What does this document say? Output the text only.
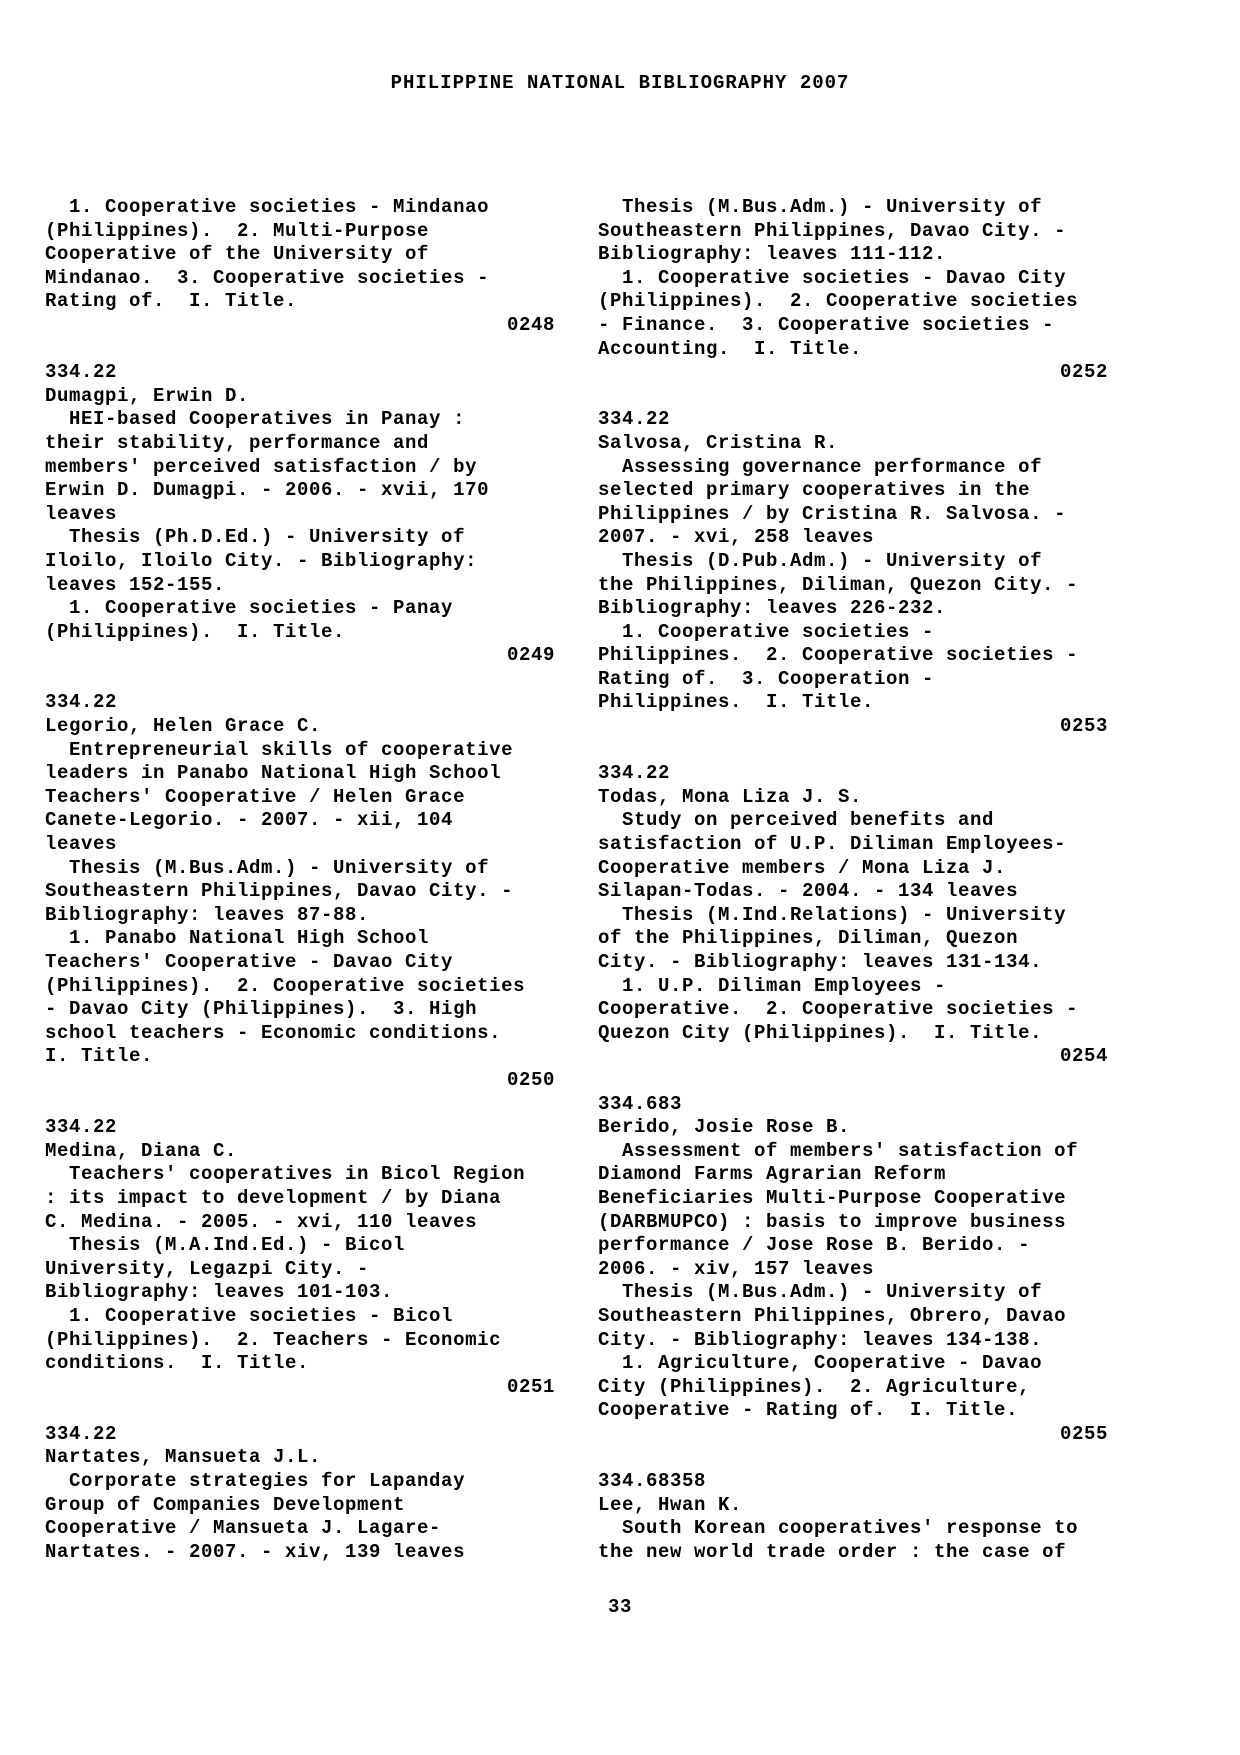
PHILIPPINE NATIONAL BIBLIOGRAPHY 2007
1. Cooperative societies - Mindanao
(Philippines).  2. Multi-Purpose
Cooperative of the University of
Mindanao.  3. Cooperative societies -
Rating of.  I. Title.
0248
334.22
Dumagpi, Erwin D.
HEI-based Cooperatives in Panay :
their stability, performance and
members' perceived satisfaction / by
Erwin D. Dumagpi. - 2006. - xvii, 170
leaves
Thesis (Ph.D.Ed.) - University of
Iloilo, Iloilo City. - Bibliography:
leaves 152-155.
1. Cooperative societies - Panay
(Philippines).  I. Title.
0249
334.22
Legorio, Helen Grace C.
Entrepreneurial skills of cooperative
leaders in Panabo National High School
Teachers' Cooperative / Helen Grace
Canete-Legorio. - 2007. - xii, 104
leaves
Thesis (M.Bus.Adm.) - University of
Southeastern Philippines, Davao City. -
Bibliography: leaves 87-88.
1. Panabo National High School
Teachers' Cooperative - Davao City
(Philippines).  2. Cooperative societies
- Davao City (Philippines).  3. High
school teachers - Economic conditions.
I. Title.
0250
334.22
Medina, Diana C.
Teachers' cooperatives in Bicol Region
: its impact to development / by Diana
C. Medina. - 2005. - xvi, 110 leaves
Thesis (M.A.Ind.Ed.) - Bicol
University, Legazpi City. -
Bibliography: leaves 101-103.
1. Cooperative societies - Bicol
(Philippines).  2. Teachers - Economic
conditions.  I. Title.
0251
334.22
Nartates, Mansueta J.L.
Corporate strategies for Lapanday
Group of Companies Development
Cooperative / Mansueta J. Lagare-
Nartates. - 2007. - xiv, 139 leaves
Thesis (M.Bus.Adm.) - University of
Southeastern Philippines, Davao City. -
Bibliography: leaves 111-112.
1. Cooperative societies - Davao City
(Philippines).  2. Cooperative societies
- Finance.  3. Cooperative societies -
Accounting.  I. Title.
0252
334.22
Salvosa, Cristina R.
Assessing governance performance of
selected primary cooperatives in the
Philippines / by Cristina R. Salvosa. -
2007. - xvi, 258 leaves
Thesis (D.Pub.Adm.) - University of
the Philippines, Diliman, Quezon City. -
Bibliography: leaves 226-232.
1. Cooperative societies -
Philippines.  2. Cooperative societies -
Rating of.  3. Cooperation -
Philippines.  I. Title.
0253
334.22
Todas, Mona Liza J. S.
Study on perceived benefits and
satisfaction of U.P. Diliman Employees-
Cooperative members / Mona Liza J.
Silapan-Todas. - 2004. - 134 leaves
Thesis (M.Ind.Relations) - University
of the Philippines, Diliman, Quezon
City. - Bibliography: leaves 131-134.
1. U.P. Diliman Employees -
Cooperative.  2. Cooperative societies -
Quezon City (Philippines).  I. Title.
0254
334.683
Berido, Josie Rose B.
Assessment of members' satisfaction of
Diamond Farms Agrarian Reform
Beneficiaries Multi-Purpose Cooperative
(DARBMUPCO) : basis to improve business
performance / Jose Rose B. Berido. -
2006. - xiv, 157 leaves
Thesis (M.Bus.Adm.) - University of
Southeastern Philippines, Obrero, Davao
City. - Bibliography: leaves 134-138.
1. Agriculture, Cooperative - Davao
City (Philippines).  2. Agriculture,
Cooperative - Rating of.  I. Title.
0255
334.68358
Lee, Hwan K.
South Korean cooperatives' response to
the new world trade order : the case of
33
